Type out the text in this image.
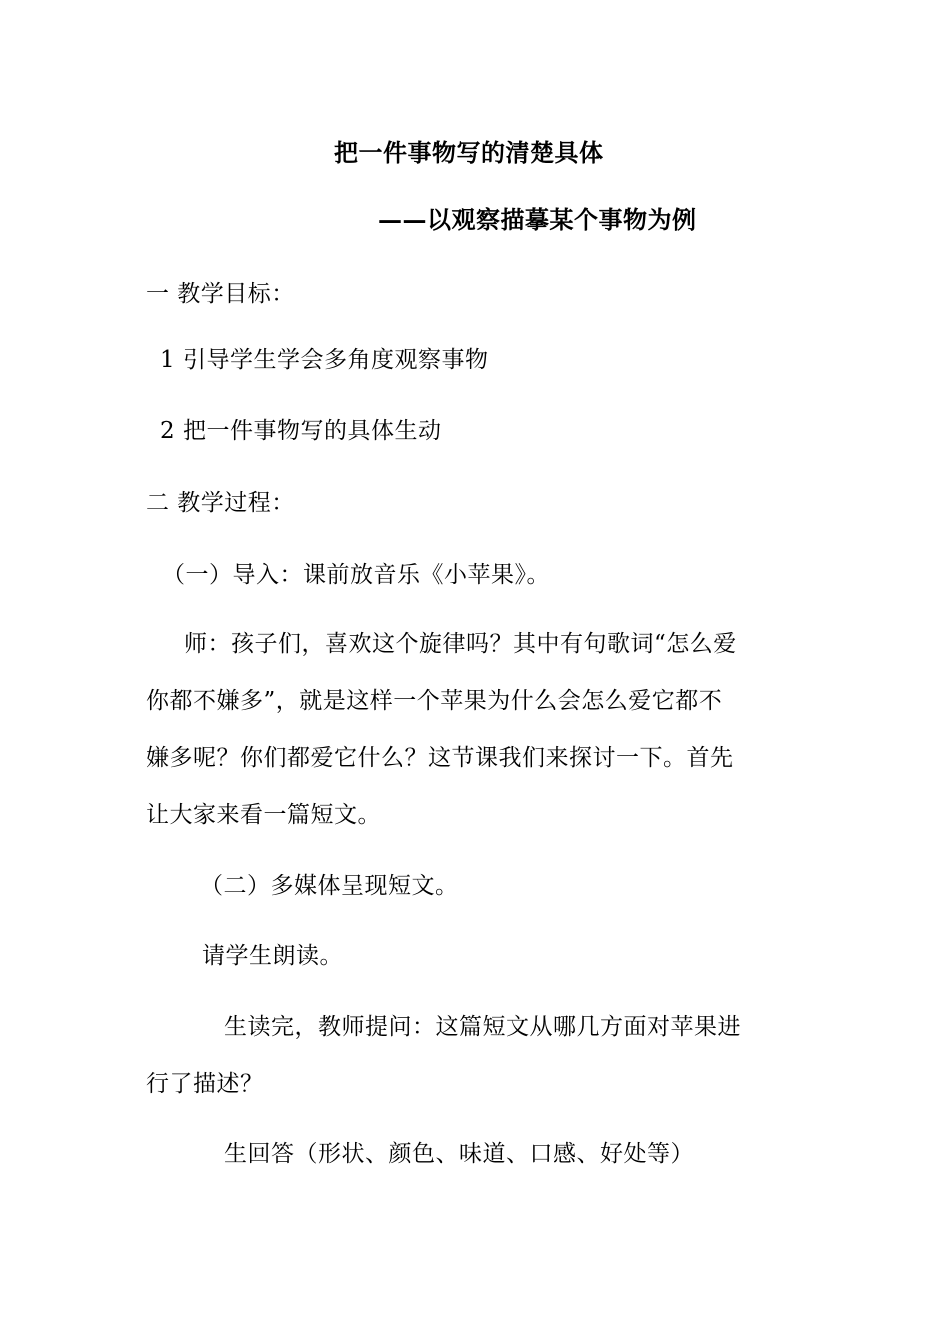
把一件事物写的清楚具体
——以观察描摹某个事物为例
一 教学目标：
1 引导学生学会多角度观察事物
2 把一件事物写的具体生动
二 教学过程：
（一）导入：课前放音乐《小苹果》。
师：孩子们，喜欢这个旋律吗？其中有句歌词“怎么爱
你都不嫌多”，就是这样一个苹果为什么会怎么爱它都不
嫌多呢？你们都爱它什么？这节课我们来探讨一下。首先
让大家来看一篇短文。
（二）多媒体呈现短文。
请学生朗读。
生读完，教师提问：这篇短文从哪几方面对苹果进
行了描述？
生回答（形状、颜色、味道、口感、好处等）
